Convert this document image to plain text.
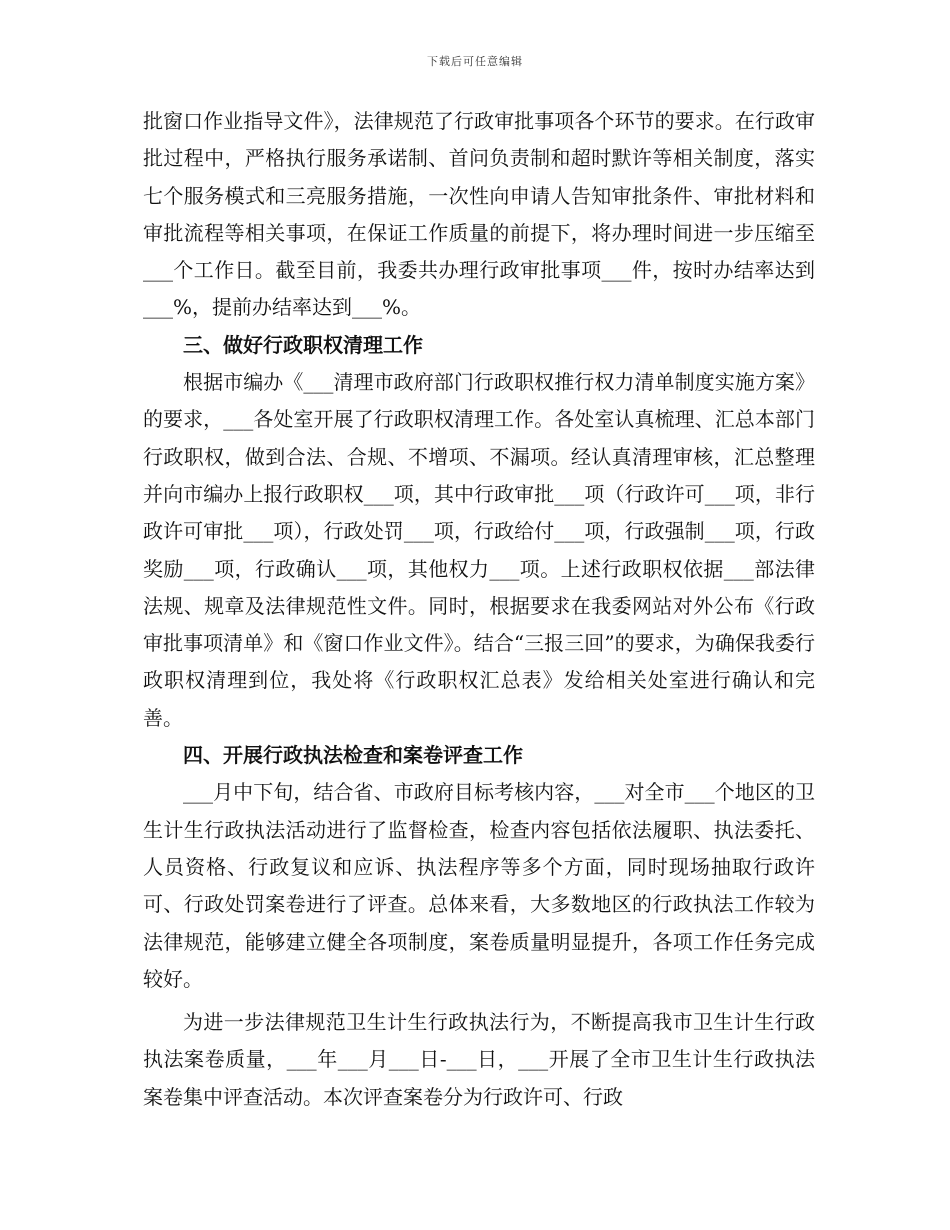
下载后可任意编辑

批窗口作业指导文件》，法律规范了行政审批事项各个环节的要求。在行政审批过程中，严格执行服务承诺制、首问负责制和超时默许等相关制度，落实七个服务模式和三亮服务措施，一次性向申请人告知审批条件、审批材料和审批流程等相关事项，在保证工作质量的前提下，将办理时间进一步压缩至___个工作日。截至目前，我委共办理行政审批事项___件，按时办结率达到___%，提前办结率达到___%。

三、做好行政职权清理工作

根据市编办《___清理市政府部门行政职权推行权力清单制度实施方案》的要求，___各处室开展了行政职权清理工作。各处室认真梳理、汇总本部门行政职权，做到合法、合规、不增项、不漏项。经认真清理审核，汇总整理并向市编办上报行政职权___项，其中行政审批___项（行政许可___项，非行政许可审批___项），行政处罚___项，行政给付___项，行政强制___项，行政奖励___项，行政确认___项，其他权力___项。上述行政职权依据___部法律法规、规章及法律规范性文件。同时，根据要求在我委网站对外公布《行政审批事项清单》和《窗口作业文件》。结合“三报三回”的要求，为确保我委行政职权清理到位，我处将《行政职权汇总表》发给相关处室进行确认和完善。

四、开展行政执法检查和案卷评查工作

___月中下旬，结合省、市政府目标考核内容，___对全市___个地区的卫生计生行政执法活动进行了监督检查，检查内容包括依法履职、执法委托、人员资格、行政复议和应诉、执法程序等多个方面，同时现场抽取行政许可、行政处罚案卷进行了评查。总体来看，大多数地区的行政执法工作较为法律规范，能够建立健全各项制度，案卷质量明显提升，各项工作任务完成较好。

为进一步法律规范卫生计生行政执法行为，不断提高我市卫生计生行政执法案卷质量，___年___月___日-___日，___开展了全市卫生计生行政执法案卷集中评查活动。本次评查案卷分为行政许可、行政
